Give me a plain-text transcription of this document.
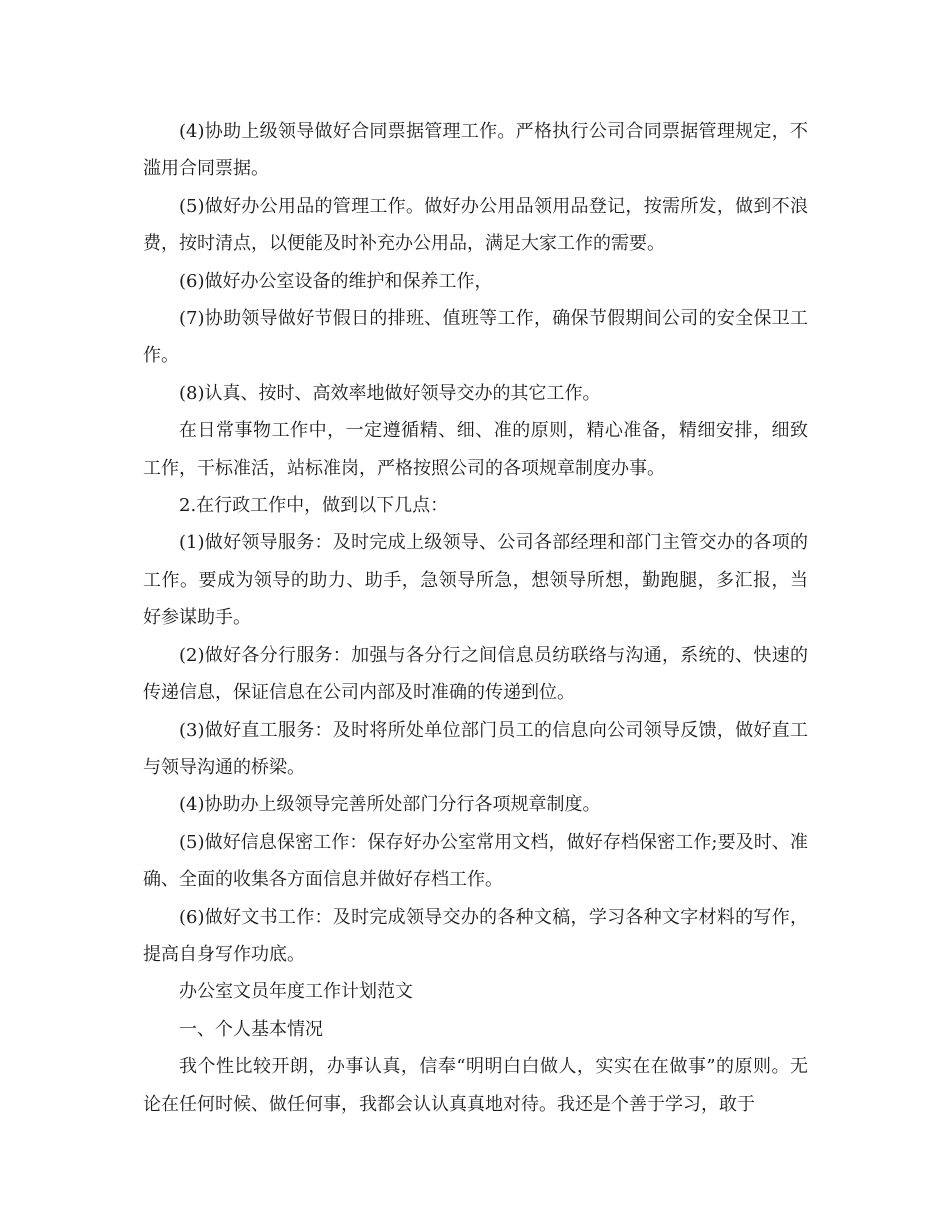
(4)协助上级领导做好合同票据管理工作。严格执行公司合同票据管理规定，不滥用合同票据。

(5)做好办公用品的管理工作。做好办公用品领用品登记，按需所发，做到不浪费，按时清点，以便能及时补充办公用品，满足大家工作的需要。

(6)做好办公室设备的维护和保养工作，

(7)协助领导做好节假日的排班、值班等工作，确保节假期间公司的安全保卫工作。

(8)认真、按时、高效率地做好领导交办的其它工作。

在日常事物工作中，一定遵循精、细、准的原则，精心准备，精细安排，细致工作，干标准活，站标准岗，严格按照公司的各项规章制度办事。

2.在行政工作中，做到以下几点：

(1)做好领导服务：及时完成上级领导、公司各部经理和部门主管交办的各项的工作。要成为领导的助力、助手，急领导所急，想领导所想，勤跑腿，多汇报，当好参谋助手。

(2)做好各分行服务：加强与各分行之间信息员纺联络与沟通，系统的、快速的传递信息，保证信息在公司内部及时准确的传递到位。

(3)做好直工服务：及时将所处单位部门员工的信息向公司领导反馈，做好直工与领导沟通的桥梁。

(4)协助办上级领导完善所处部门分行各项规章制度。

(5)做好信息保密工作：保存好办公室常用文档，做好存档保密工作;要及时、准确、全面的收集各方面信息并做好存档工作。

(6)做好文书工作：及时完成领导交办的各种文稿，学习各种文字材料的写作，提高自身写作功底。

办公室文员年度工作计划范文

一、个人基本情况

我个性比较开朗，办事认真，信奉“明明白白做人，实实在在做事”的原则。无论在任何时候、做任何事，我都会认认真真地对待。我还是个善于学习，敢于
